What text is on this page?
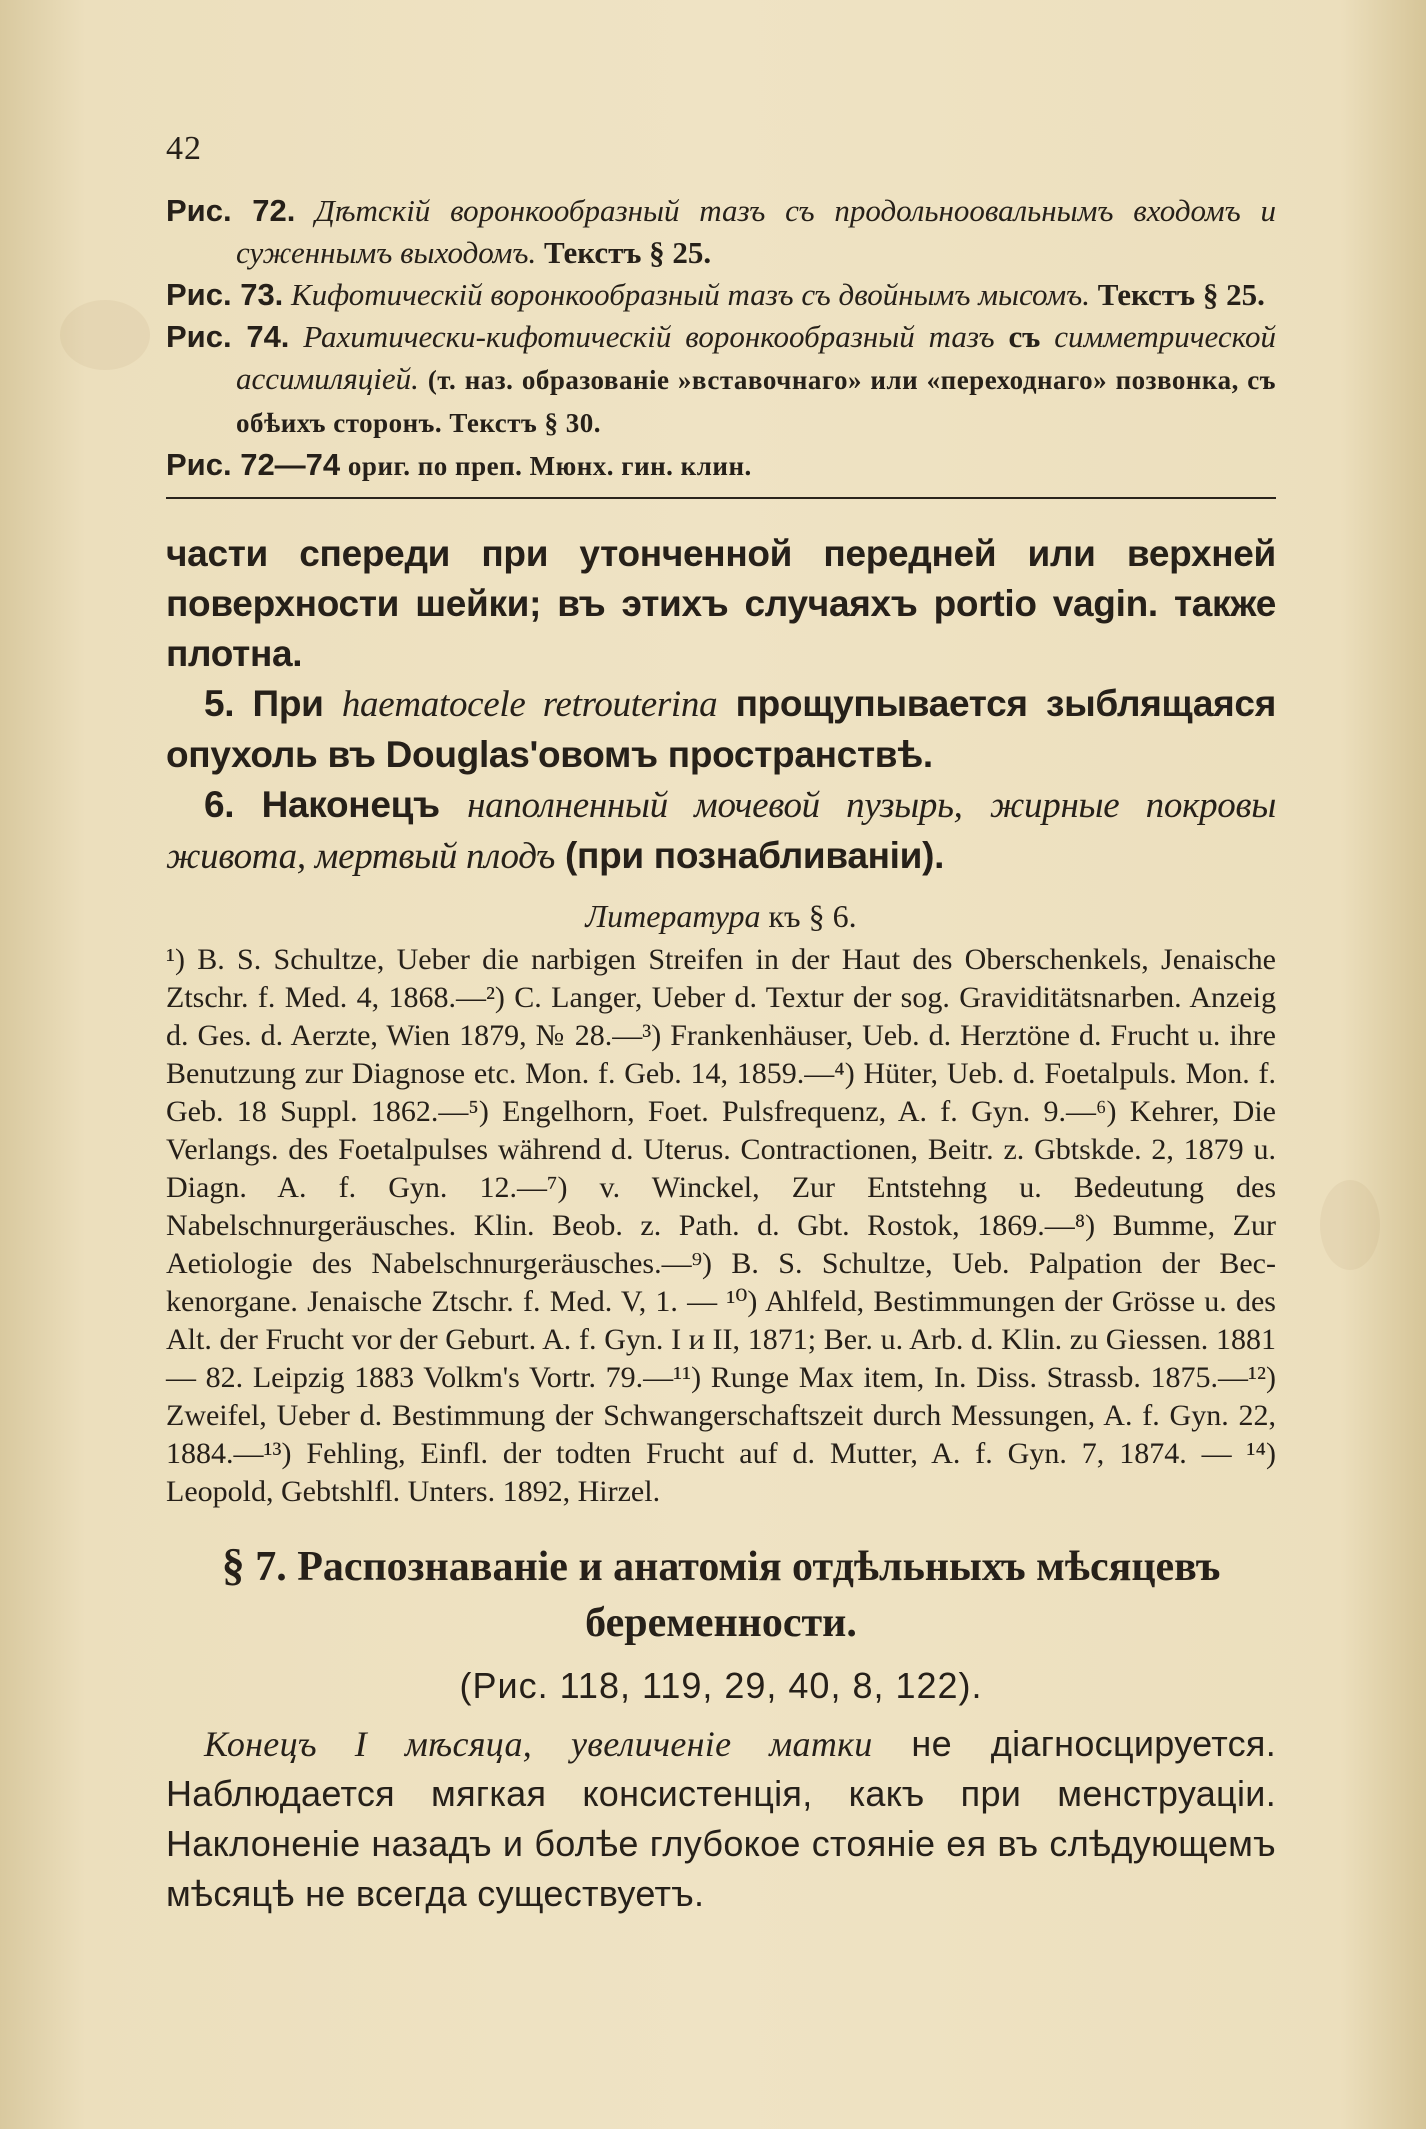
42
Рис. 72. Дѣтскій воронкообразный тазъ съ продольноовальнымъ входомъ и суженнымъ выходомъ. Текстъ § 25.
Рис. 73. Кифотическій воронкообразный тазъ съ двойнымъ мысомъ. Текстъ § 25.
Рис. 74. Рахитически-кифотическій воронкообразный тазъ съ симметрической ассимиляціей. (т. наз. образованіе »вставочнаго» или «переходнаго» позвонка, съ обѣихъ сторонъ. Текстъ § 30.
Рис. 72—74 ориг. по преп. Мюнх. гин. клин.

части спереди при утонченной передней или верхней поверхности шейки; въ этихъ случаяхъ portio vagin. также плотна.

5. При haematocele retrouterina прощупывается зыблящаяся опухоль въ Douglas'овомъ пространствѣ.

6. Наконецъ наполненный мочевой пузырь, жирные покровы живота, мертвый плодъ (при познабливаніи).

Литература къ § 6.
¹) B. S. Schultze, Ueber die narbigen Streifen in der Haut des Oberschenkels, Jenaische Ztschr. f. Med. 4, 1868.—²) C. Langer, Ueber d. Textur der sog. Graviditätsnarben. Anzeig d. Ges. d. Aerzte, Wien 1879, № 28.—³) Frankenhäuser, Ueb. d. Herztöne d. Frucht u. ihre Benutzung zur Diagnose etc. Mon. f. Geb. 14, 1859.—⁴) Hüter, Ueb. d. Foetalpuls. Mon. f. Geb. 18 Suppl. 1862.—⁵) Engelhorn, Foet. Pulsfrequenz, A. f. Gyn. 9.—⁶) Kehrer, Die Verlangs. des Foetalpulses während d. Uterus. Contractionen, Beitr. z. Gbtskde. 2, 1879 u. Diagn. A. f. Gyn. 12.—⁷) v. Winckel, Zur Entstehng u. Bedeutung des Nabelschnurgeräusches. Klin. Beob. z. Path. d. Gbt. Rostok, 1869.—⁸) Bumme, Zur Aetiologie des Nabelschnurgeräusches.—⁹) B. S. Schultze, Ueb. Palpation der Beckenorgane. Jenaische Ztschr. f. Med. V, 1. — ¹⁰) Ahlfeld, Bestimmungen der Grösse u. des Alt. der Frucht vor der Geburt. A. f. Gyn. I и II, 1871; Ber. u. Arb. d. Klin. zu Giessen. 1881 — 82. Leipzig 1883 Volkm's Vortr. 79.—¹¹) Runge Max item, In. Diss. Strassb. 1875.—¹²) Zweifel, Ueber d. Bestimmung der Schwangerschaftszeit durch Messungen, A. f. Gyn. 22, 1884.—¹³) Fehling, Einfl. der todten Frucht auf d. Mutter, A. f. Gyn. 7, 1874. — ¹⁴) Leopold, Gebtshlfl. Unters. 1892, Hirzel.
§ 7. Распознаваніе и анатомія отдѣльныхъ мѣсяцевъ беременности.
(Рис. 118, 119, 29, 40, 8, 122).
Конецъ I мѣсяца, увеличеніе матки не діагносцируется. Наблюдается мягкая консистенція, какъ при менструаціи. Наклоненіе назадъ и болѣе глубокое стояніе ея въ слѣдующемъ мѣсяцѣ не всегда существуетъ.
